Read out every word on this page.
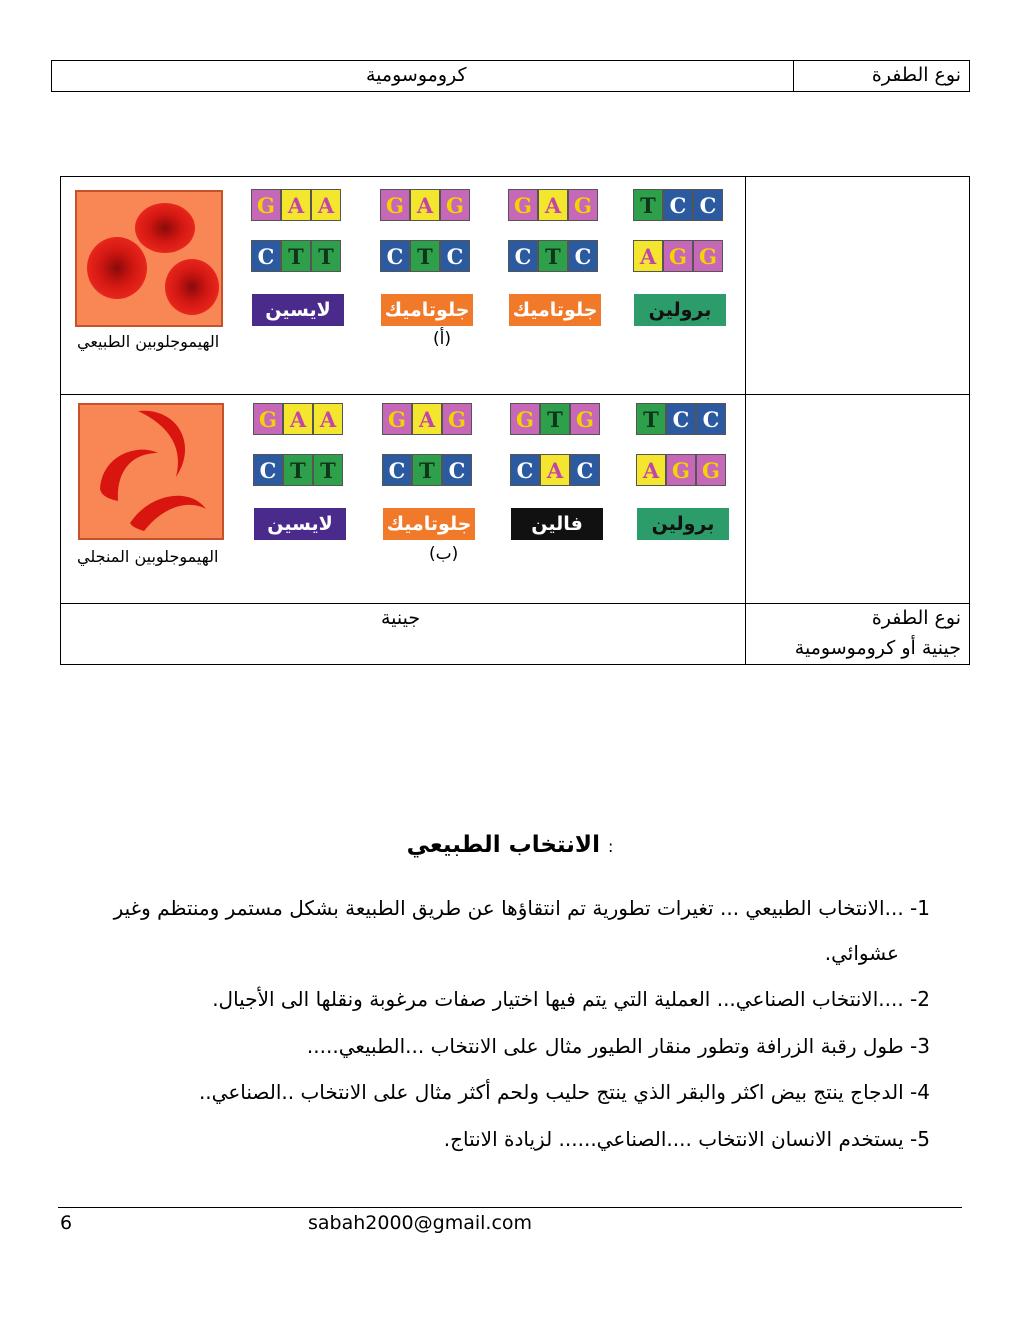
نوع الطفرة
كروموسومية
الهيموجلوبين الطبيعي
G A A
C T T
لايسين
G A G
C T C
جلوتاميك
G A G
C T C
جلوتاميك
T C C
A G G
برولين
(أ)
الهيموجلوبين المنجلي
G A A
C T T
لايسين
G A G
C T C
جلوتاميك
G T G
C A C
فالين
T C C
A G G
برولين
(ب)
نوع الطفرة
جينية أو كروموسومية
جينية
: الانتخاب الطبيعي
1- ...الانتخاب الطبيعي ... تغيرات تطورية تم انتقاؤها عن طريق الطبيعة بشكل مستمر ومنتظم وغير
عشوائي.
2- ....الانتخاب الصناعي... العملية التي يتم فيها اختيار صفات مرغوبة ونقلها الى الأجيال.
3- طول رقبة الزرافة وتطور منقار الطيور مثال على الانتخاب ...الطبيعي.....
4- الدجاج ينتج بيض اكثر والبقر الذي ينتج حليب ولحم أكثر مثال على الانتخاب ..الصناعي..
5- يستخدم الانسان الانتخاب ....الصناعي...... لزيادة الانتاج.
6	sabah2000@gmail.com
